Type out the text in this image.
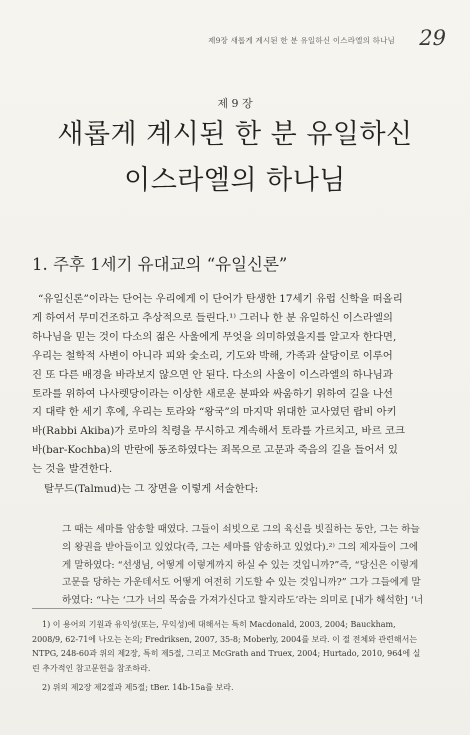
제9장 새롭게 계시된 한 분 유일하신 이스라엘의 하나님 29
제 9 장
새롭게 계시된 한 분 유일하신
이스라엘의 하나님
1. 주후 1세기 유대교의 “유일신론”

“유일신론”이라는 단어는 우리에게 이 단어가 탄생한 17세기 유럽 신학을 떠올리

게 하여서 무미건조하고 추상적으로 들린다.¹⁾ 그러나 한 분 유일하신 이스라엘의

하나님을 믿는 것이 다소의 젊은 사울에게 무엇을 의미하였을지를 알고자 한다면,

우리는 철학적 사변이 아니라 피와 숯소리, 기도와 박해, 가족과 살당이로 이루어

진 또 다른 배경을 바라보지 않으면 안 된다. 다소의 사울이 이스라엘의 하나님과

토라를 위하여 나사렛당이라는 이상한 새로운 분파와 싸움하기 위하여 길을 나선

지 대략 한 세기 후에, 우리는 토라와 “왕국”의 마지막 위대한 교사였던 랍비 아키

바(Rabbi Akiba)가 로마의 칙령을 무시하고 계속해서 토라를 가르치고, 바르 코크

바(bar-Kochba)의 반란에 동조하였다는 죄목으로 고문과 죽음의 길을 들어서 있

는 것을 발견한다.

탈무드(Talmud)는 그 장면을 이렇게 서술한다:

그 때는 세마를 암송할 때였다. 그들이 쇠빗으로 그의 육신을 빗질하는 동안, 그는 하늘

의 왕권을 받아들이고 있었다(즉, 그는 세마를 암송하고 있었다).²⁾ 그의 제자들이 그에

게 말하였다: “선생님, 어떻게 이렇게까지 하실 수 있는 것입니까?”즉, “당신은 이렇게

고문을 당하는 가운데서도 어떻게 여전히 기도할 수 있는 것입니까?” 그가 그들에게 말

하였다: “나는 ‘그가 너의 목숨을 가져가신다고 할지라도’라는 의미로 [내가 해석한] ‘너

1) 이 용어의 기원과 유익성(또는, 무익성)에 대해서는 특히 Macdonald, 2003, 2004; Bauckham,

2008/9, 62-71에 나오는 논의; Fredriksen, 2007, 35-8; Moberly, 2004를 보라. 이 절 전체와 관련해서는

NTPG, 248-60과 위의 제2장, 특히 제5절, 그리고 McGrath and Truex, 2004; Hurtado, 2010, 964에 실

린 추가적인 참고문헌을 참조하라.

2) 위의 제2장 제2절과 제5절; tBer. 14b-15a를 보라.
